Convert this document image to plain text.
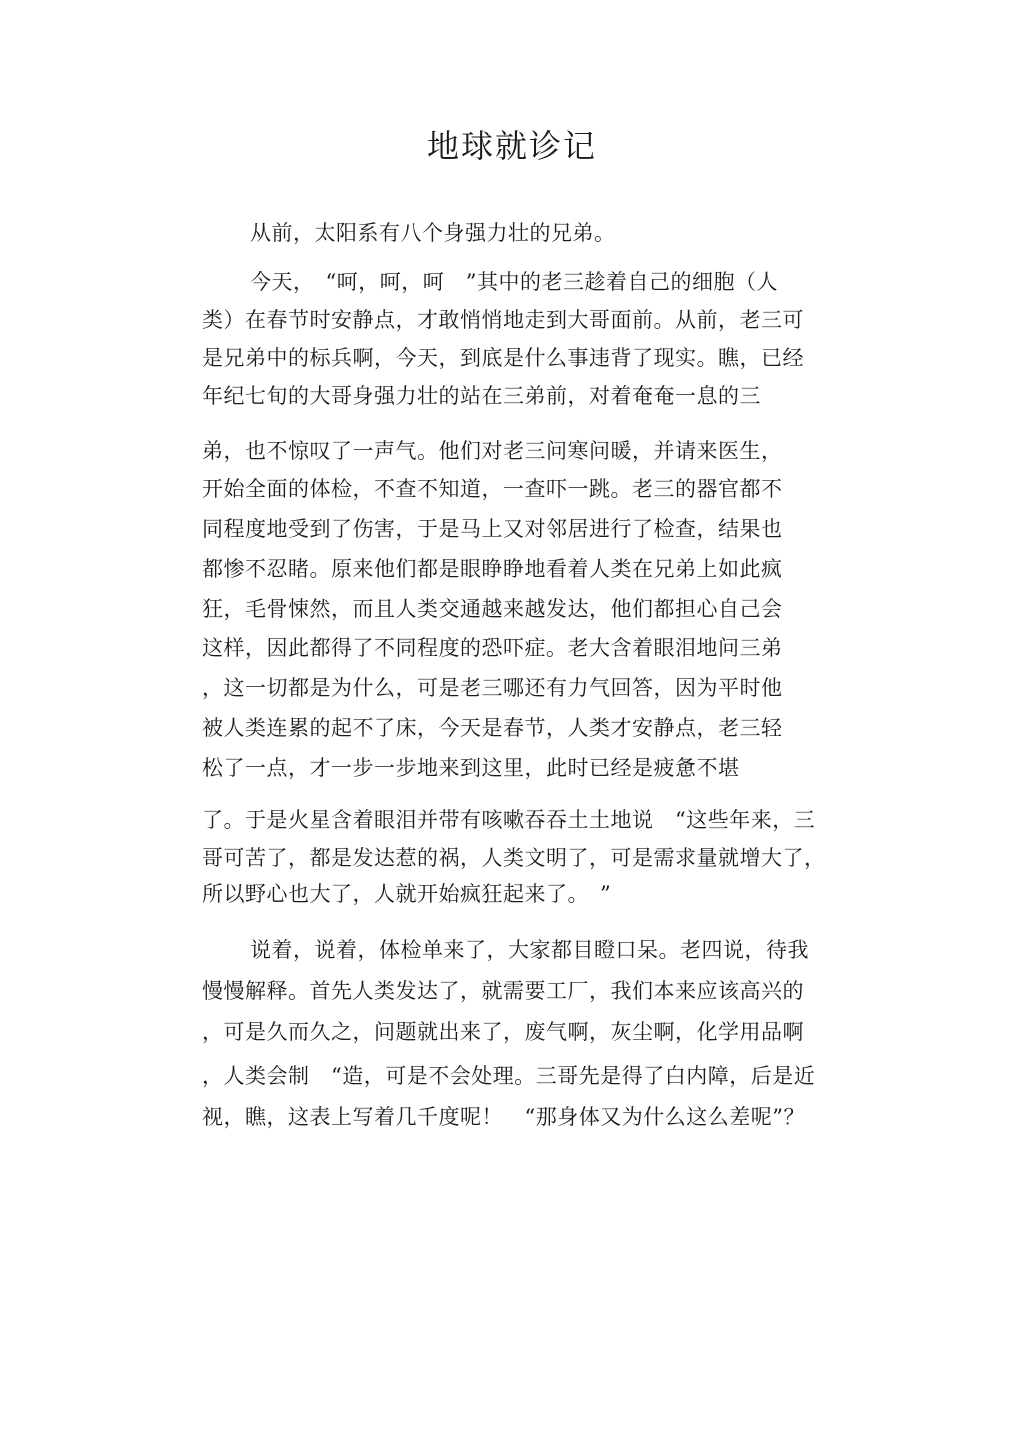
地球就诊记

从前，太阳系有八个身强力壮的兄弟。

今天，　“呵，呵，呵　”其中的老三趁着自己的细胞（人

类）在春节时安静点，才敢悄悄地走到大哥面前。从前，老三可

是兄弟中的标兵啊，今天，到底是什么事违背了现实。瞧，已经

年纪七旬的大哥身强力壮的站在三弟前，对着奄奄一息的三

弟，也不惊叹了一声气。他们对老三问寒问暖，并请来医生，

开始全面的体检，不查不知道，一查吓一跳。老三的器官都不

同程度地受到了伤害，于是马上又对邻居进行了检查，结果也

都惨不忍睹。原来他们都是眼睁睁地看着人类在兄弟上如此疯

狂，毛骨悚然，而且人类交通越来越发达，他们都担心自己会

这样，因此都得了不同程度的恐吓症。老大含着眼泪地问三弟

，这一切都是为什么，可是老三哪还有力气回答，因为平时他

被人类连累的起不了床，今天是春节，人类才安静点，老三轻

松了一点，才一步一步地来到这里，此时已经是疲惫不堪

了。于是火星含着眼泪并带有咳嗽吞吞土土地说　“这些年来，三

哥可苦了，都是发达惹的祸，人类文明了，可是需求量就增大了，

所以野心也大了，人就开始疯狂起来了。　”

说着，说着，体检单来了，大家都目瞪口呆。老四说，待我

慢慢解释。首先人类发达了，就需要工厂，我们本来应该高兴的

，可是久而久之，问题就出来了，废气啊，灰尘啊，化学用品啊

，人类会制　“造，可是不会处理。三哥先是得了白内障，后是近

视，瞧，这表上写着几千度呢！　“那身体又为什么这么差呢”？
